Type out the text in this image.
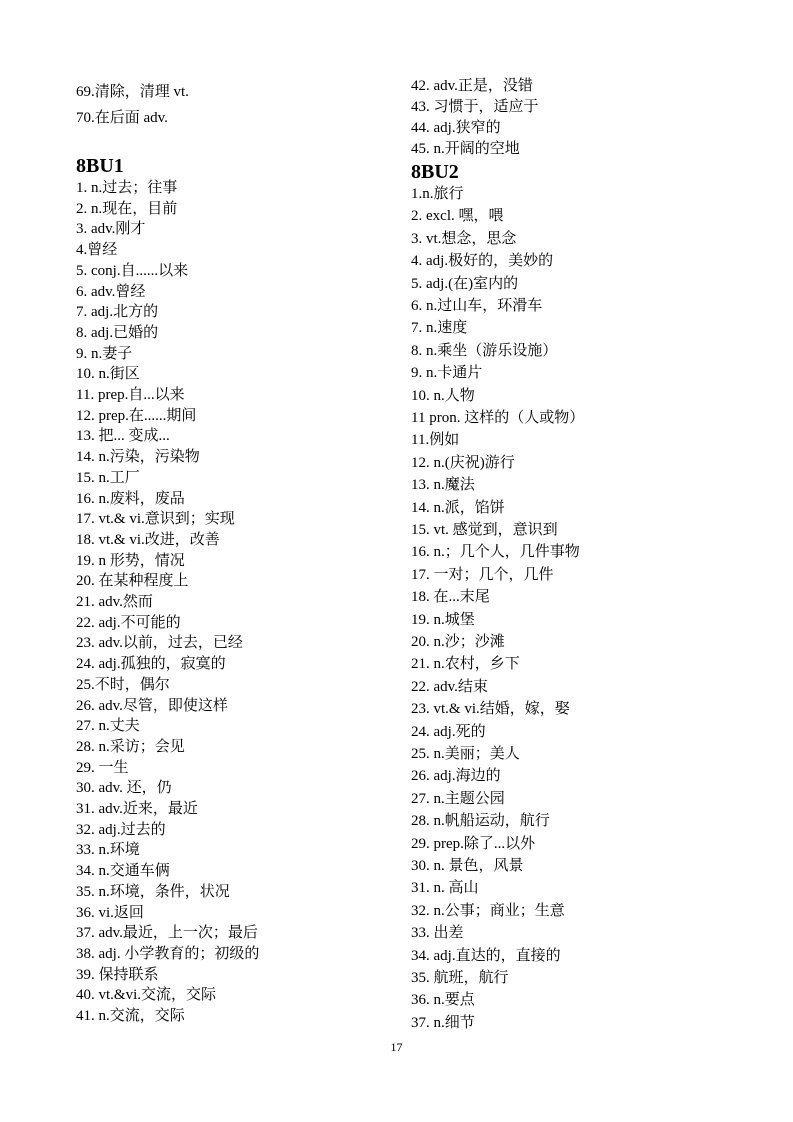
69.清除，清理 vt.
70.在后面 adv.
8BU1
1. n.过去；往事
2. n.现在，目前
3. adv.刚才
4.曾经
5. conj.自......以来
6. adv.曾经
7. adj.北方的
8. adj.已婚的
9. n.妻子
10. n.街区
11. prep.自...以来
12. prep.在......期间
13. 把... 变成...
14. n.污染，污染物
15. n.工厂
16. n.废料，废品
17. vt.& vi.意识到；实现
18. vt.& vi.改进，改善
19. n 形势，情况
20. 在某种程度上
21. adv.然而
22. adj.不可能的
23. adv.以前，过去，已经
24. adj.孤独的，寂寞的
25.不时，偶尔
26. adv.尽管，即使这样
27. n.丈夫
28. n.采访；会见
29. 一生
30. adv. 还，仍
31. adv.近来，最近
32. adj.过去的
33. n.环境
34. n.交通车俩
35. n.环境，条件，状况
36. vi.返回
37. adv.最近，上一次；最后
38. adj. 小学教育的；初级的
39. 保持联系
40. vt.&vi.交流，交际
41. n.交流，交际
42. adv.正是，没错
43. 习惯于，适应于
44. adj.狭窄的
45. n.开阔的空地
8BU2
1.n.旅行
2. excl. 嘿，喂
3. vt.想念，思念
4. adj.极好的，美妙的
5. adj.(在)室内的
6. n.过山车，环滑车
7. n.速度
8. n.乘坐（游乐设施）
9. n.卡通片
10. n.人物
11 pron. 这样的（人或物）
11.例如
12. n.(庆祝)游行
13. n.魔法
14. n.派，馅饼
15. vt. 感觉到，意识到
16. n.；几个人，几件事物
17. 一对；几个，几件
18. 在...末尾
19. n.城堡
20. n.沙；沙滩
21. n.农村，乡下
22. adv.结束
23. vt.& vi.结婚，嫁，娶
24. adj.死的
25. n.美丽；美人
26. adj.海边的
27. n.主题公园
28. n.帆船运动，航行
29. prep.除了...以外
30. n. 景色，风景
31. n. 高山
32. n.公事；商业；生意
33. 出差
34. adj.直达的，直接的
35. 航班，航行
36. n.要点
37. n.细节
17
